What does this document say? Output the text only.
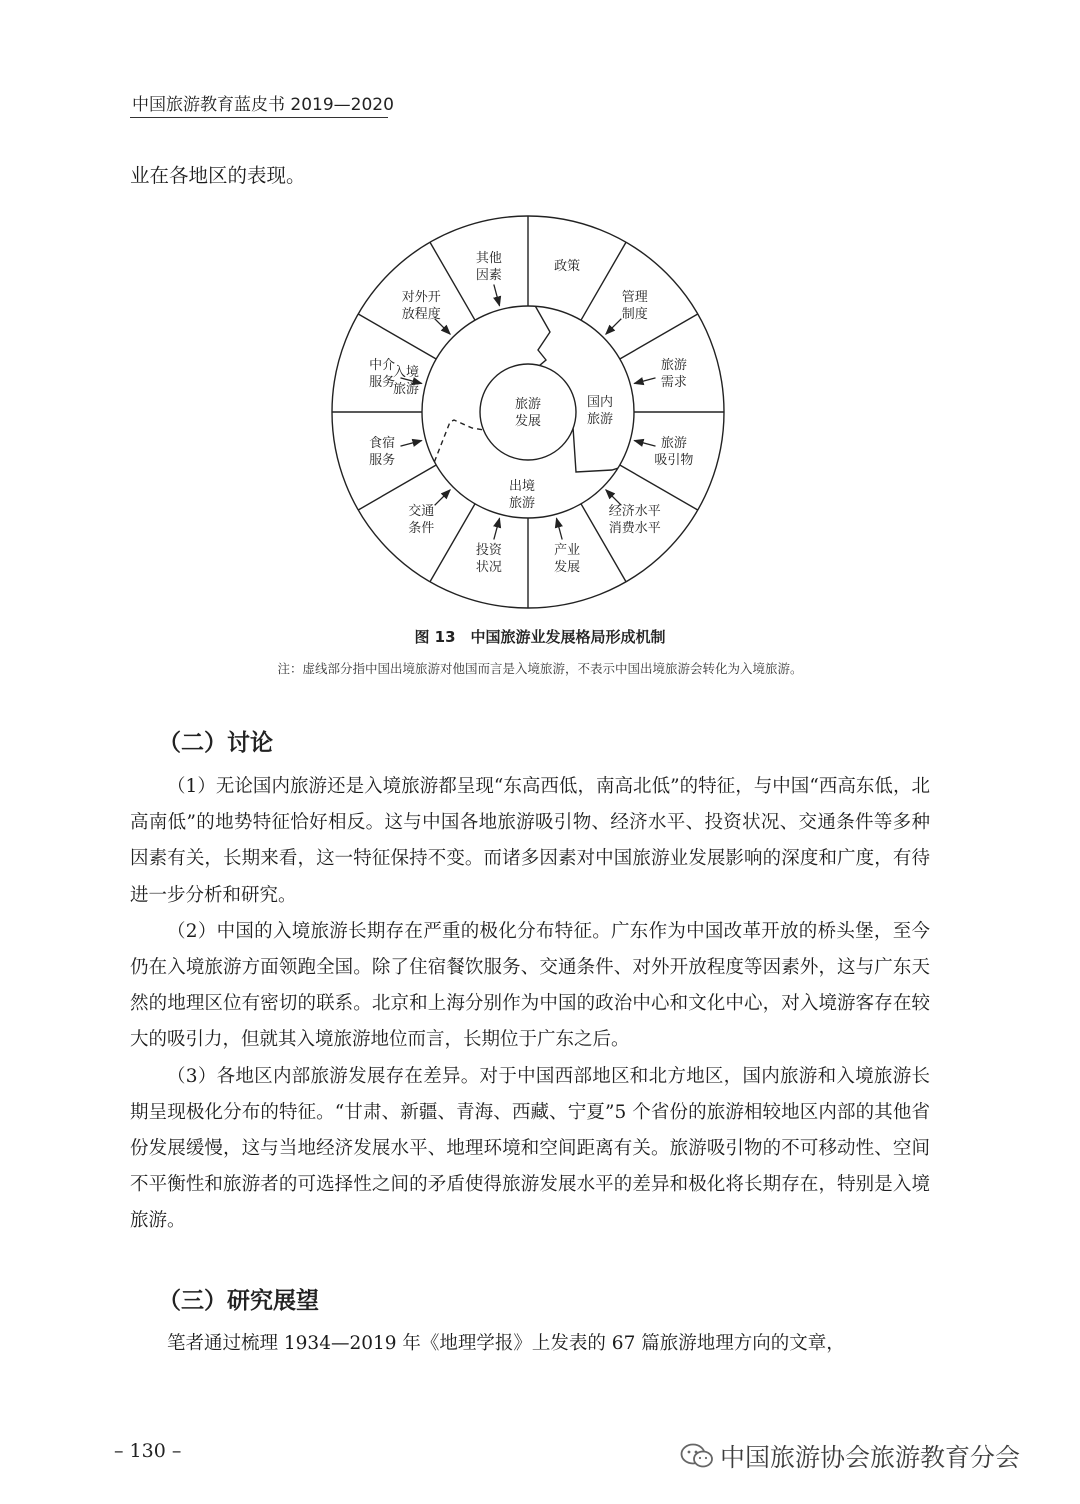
中国旅游教育蓝皮书 2019—2020
业在各地区的表现。
政策
管理制度
旅游需求
旅游吸引物
经济水平消费水平
产业发展
投资状况
交通条件
食宿服务
中介服务
对外开放程度
其他因素
入境旅游
国内旅游
出境旅游
旅游发展
图 13　中国旅游业发展格局形成机制
注：虚线部分指中国出境旅游对他国而言是入境旅游，不表示中国出境旅游会转化为入境旅游。
（二）讨论

（1）无论国内旅游还是入境旅游都呈现“东高西低，南高北低”的特征，与中国“西高东低，北高南低”的地势特征恰好相反。这与中国各地旅游吸引物、经济水平、投资状况、交通条件等多种因素有关，长期来看，这一特征保持不变。而诸多因素对中国旅游业发展影响的深度和广度，有待进一步分析和研究。

（2）中国的入境旅游长期存在严重的极化分布特征。广东作为中国改革开放的桥头堡，至今仍在入境旅游方面领跑全国。除了住宿餐饮服务、交通条件、对外开放程度等因素外，这与广东天然的地理区位有密切的联系。北京和上海分别作为中国的政治中心和文化中心，对入境游客存在较大的吸引力，但就其入境旅游地位而言，长期位于广东之后。

（3）各地区内部旅游发展存在差异。对于中国西部地区和北方地区，国内旅游和入境旅游长期呈现极化分布的特征。“甘肃、新疆、青海、西藏、宁夏”5 个省份的旅游相较地区内部的其他省份发展缓慢，这与当地经济发展水平、地理环境和空间距离有关。旅游吸引物的不可移动性、空间不平衡性和旅游者的可选择性之间的矛盾使得旅游发展水平的差异和极化将长期存在，特别是入境旅游。

（三）研究展望

笔者通过梳理 1934—2019 年《地理学报》上发表的 67 篇旅游地理方向的文章，

– 130 –	中国旅游协会旅游教育分会
